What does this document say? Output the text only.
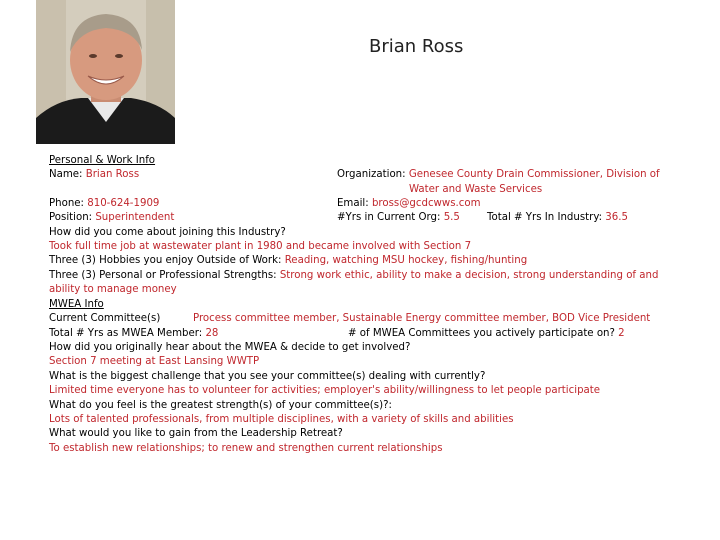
Brian Ross
Personal & Work Info
Name: Brian Ross	Organization: Genesee County Drain Commissioner, Division of
Water and Waste Services
Phone: 810-624-1909	Email: bross@gcdcwws.com
Position: Superintendent	#Yrs in Current Org: 5.5	Total # Yrs In Industry: 36.5
How did you come about joining this Industry?
Took full time job at wastewater plant in 1980 and became involved with Section 7
Three (3) Hobbies you enjoy Outside of Work: Reading, watching MSU hockey, fishing/hunting
Three (3) Personal or Professional Strengths: Strong work ethic, ability to make a decision, strong understanding of and
ability to manage money
MWEA Info
Current Committee(s)	Process committee member, Sustainable Energy committee member, BOD Vice President
Total # Yrs as MWEA Member: 28	# of MWEA Committees you actively participate on? 2
How did you originally hear about the MWEA & decide to get involved?
Section 7 meeting at East Lansing WWTP
What is the biggest challenge that you see your committee(s) dealing with currently?
Limited time everyone has to volunteer for activities; employer's ability/willingness to let people participate
What do you feel is the greatest strength(s) of your committee(s)?:
Lots of talented professionals, from multiple disciplines, with a variety of skills and abilities
What would you like to gain from the Leadership Retreat?
To establish new relationships; to renew and strengthen current relationships
